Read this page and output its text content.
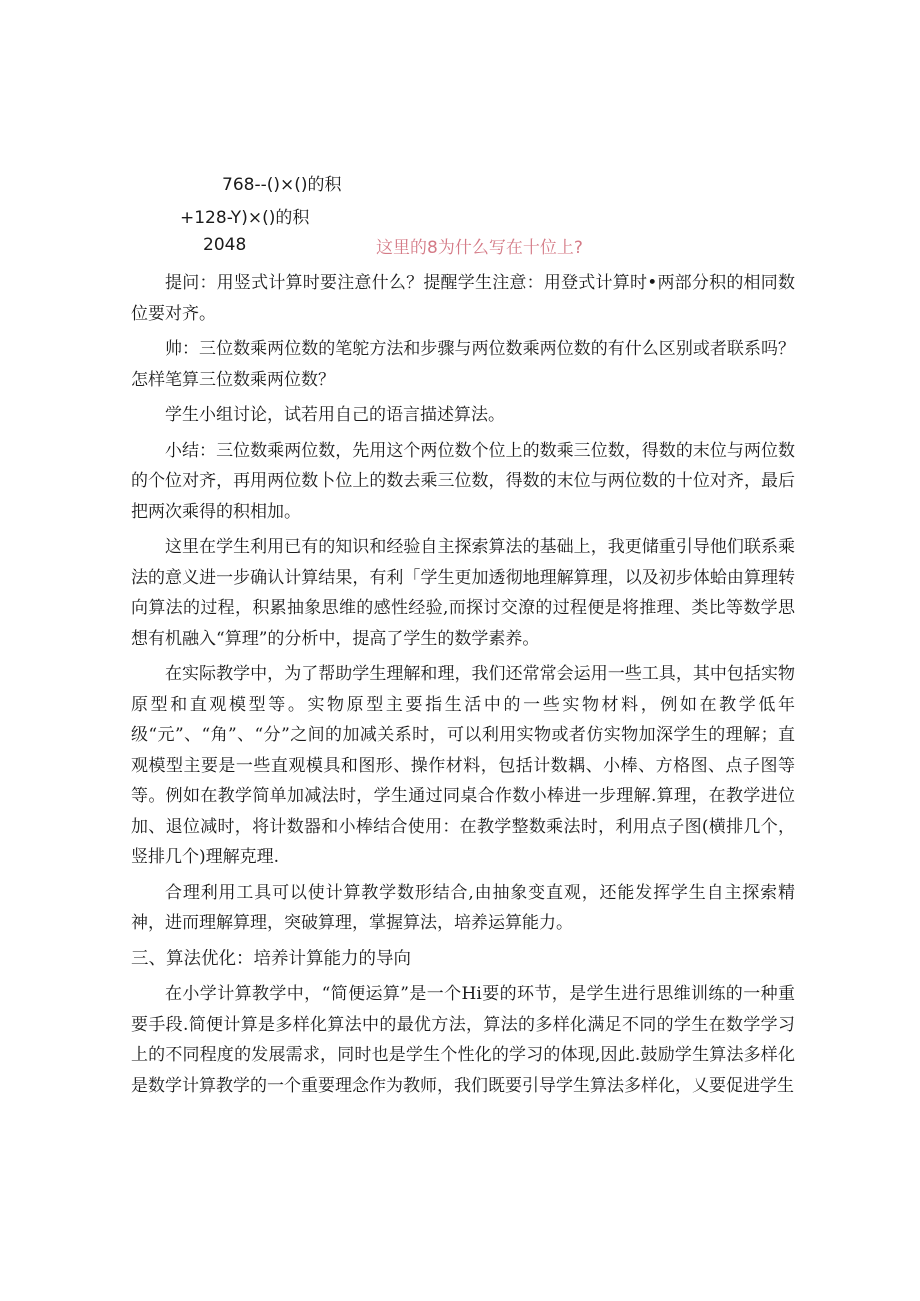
768--()×()的积
+128-Y)×()的积
2048	这里的8为什么写在十位上?

提问：用竖式计算时要注意什么？提醒学生注意：用登式计算时•两部分积的相同数位要对齐。

帅：三位数乘两位数的笔鸵方法和步骤与两位数乘两位数的有什么区别或者联系吗？怎样笔算三位数乘两位数？

学生小组讨论，试若用自己的语言描述算法。

小结：三位数乘两位数，先用这个两位数个位上的数乘三位数，得数的末位与两位数的个位对齐，再用两位数卜位上的数去乘三位数，得数的末位与两位数的十位对齐，最后把两次乘得的积相加。

这里在学生利用已有的知识和经验自主探索算法的基础上，我更储重引导他们联系乘法的意义进一步确认计算结果，有利「学生更加透彻地理解算理，以及初步体蛤由算理转向算法的过程，积累抽象思维的感性经验,而探讨交潦的过程便是将推理、类比等数学思想有机融入“算理”的分析中，提高了学生的数学素养。

在实际教学中，为了帮助学生理解和理，我们还常常会运用一些工具，其中包括实物原型和直观模型等。实物原型主要指生活中的一些实物材料，例如在教学低年级“元”、“角”、“分”之间的加减关系时，可以利用实物或者仿实物加深学生的理解；直观模型主要是一些直观模具和图形、操作材料，包括计数耦、小棒、方格图、点子图等等。例如在教学简单加减法时，学生通过同桌合作数小棒进一步理解.算理，在教学进位加、退位减时，将计数器和小棒结合使用：在教学整数乘法时，利用点子图(横排几个，竖排几个)理解克理.

合理利用工具可以使计算教学数形结合,由抽象变直观，还能发挥学生自主探索精神，进而理解算理，突破算理，掌握算法，培养运算能力。

三、算法优化：培养计算能力的导向

在小学计算教学中，“简便运算”是一个Hi要的环节，是学生进行思维训练的一种重要手段.简便计算是多样化算法中的最优方法，算法的多样化满足不同的学生在数学学习上的不同程度的发展需求，同时也是学生个性化的学习的体现,因此.鼓励学生算法多样化是数学计算教学的一个重要理念作为教师，我们既要引导学生算法多样化，乂要促进学生
